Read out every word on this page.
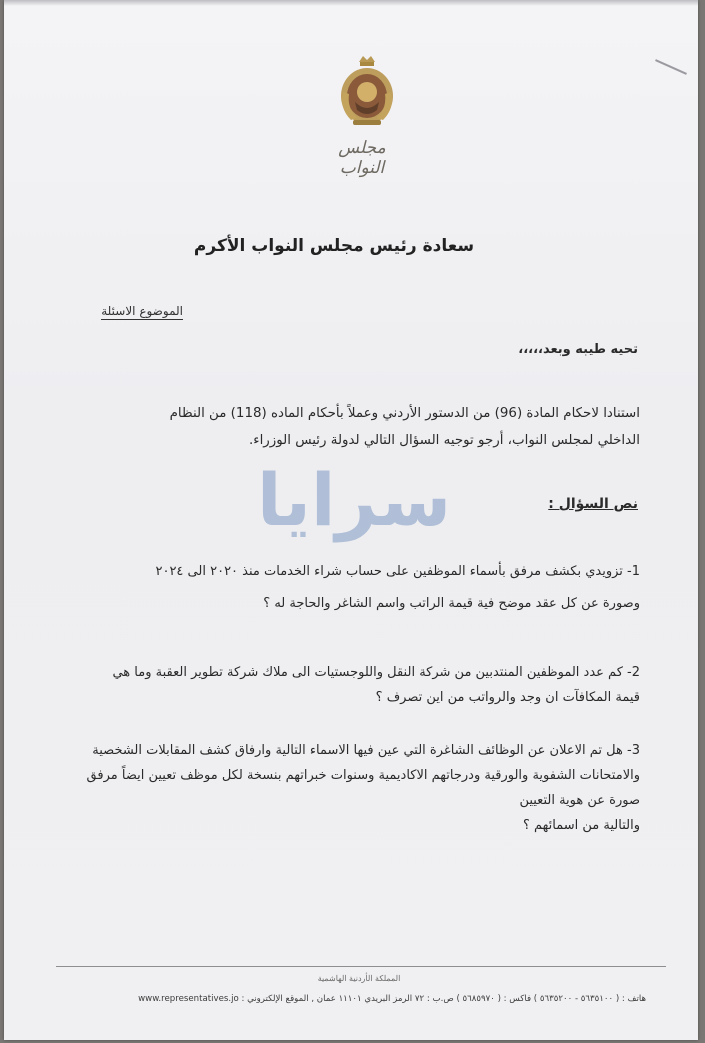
مجلس النواب
سعادة رئيس مجلس النواب الأكرم
الموضوع الاسئلة
تحيه طيبه وبعد،،،،،
استنادا لاحكام المادة (96) من الدستور الأردني وعملاً بأحكام الماده (118) من النظام
الداخلي لمجلس النواب، أرجو توجيه السؤال التالي لدولة رئيس الوزراء.
نص السؤال :
سرايا
1- تزويدي بكشف مرفق بأسماء الموظفين على حساب شراء الخدمات منذ ٢٠٢٠ الى ٢٠٢٤
وصورة عن كل عقد موضح فية قيمة الراتب واسم الشاغر والحاجة له ؟
2- كم عدد الموظفين المنتدبين من شركة النقل واللوجستيات الى ملاك شركة تطوير العقبة وما هي
قيمة المكافآت ان وجد والرواتب من اين تصرف ؟
3- هل تم الاعلان عن الوظائف الشاغرة التي عين فيها الاسماء التالية وارفاق كشف المقابلات الشخصية
والامتحانات الشفوية والورقية ودرجاتهم الاكاديمية وسنوات خبراتهم بنسخة لكل موظف تعيين ايضاً مرفق
صورة عن هوية التعيين
والتالية من اسمائهم ؟
المملكة الأردنية الهاشمية
هاتف : ( ٥٦٣٥١٠٠ - ٥٦٣٥٢٠٠ ) فاكس : ( ٥٦٨٥٩٧٠ ) ص.ب : ٧٢ الرمز البريدي ١١١٠١ عمان , الموقع الإلكتروني : www.representatives.jo
